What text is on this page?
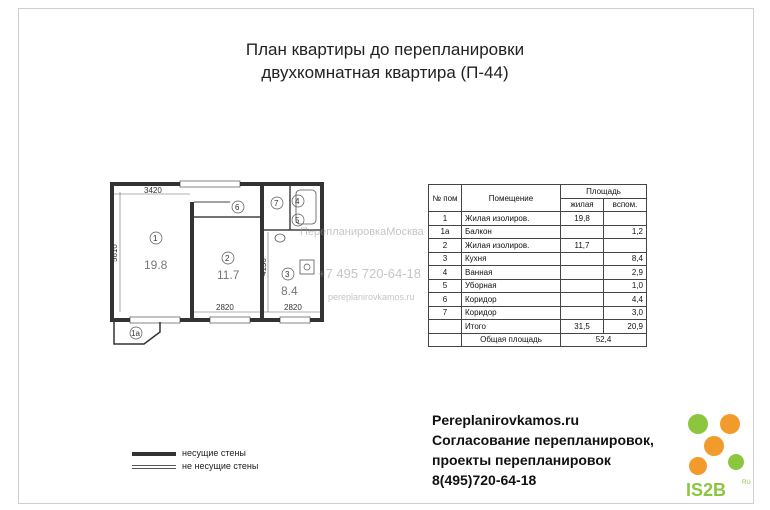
План квартиры до перепланировки
двухкомнатная квартира (П-44)
3420
5810
2820	2820
4150
1
19.8	2
11.7	3
8.4
4
5
6	7
1а
ПерепланировкаМосква
+7 495 720-64-18
pereplanirovkamos.ru
№ пом	Помещение	Площадь	
		жилая	вспом.
1	Жилая изолиров.	19,8	
1а	Балкон		1,2
2	Жилая изолиров.	11,7	
3	Кухня		8,4
4	Ванная		2,9
5	Уборная		1,0
6	Коридор		4,4
7	Коридор		3,0
	Итого	31,5	20,9
	Общая площадь	52,4	
несущие стены
не несущие стены
Pereplanirovkamos.ru
Согласование перепланировок,
проекты перепланировок
8(495)720-64-18	IS2B	RU
